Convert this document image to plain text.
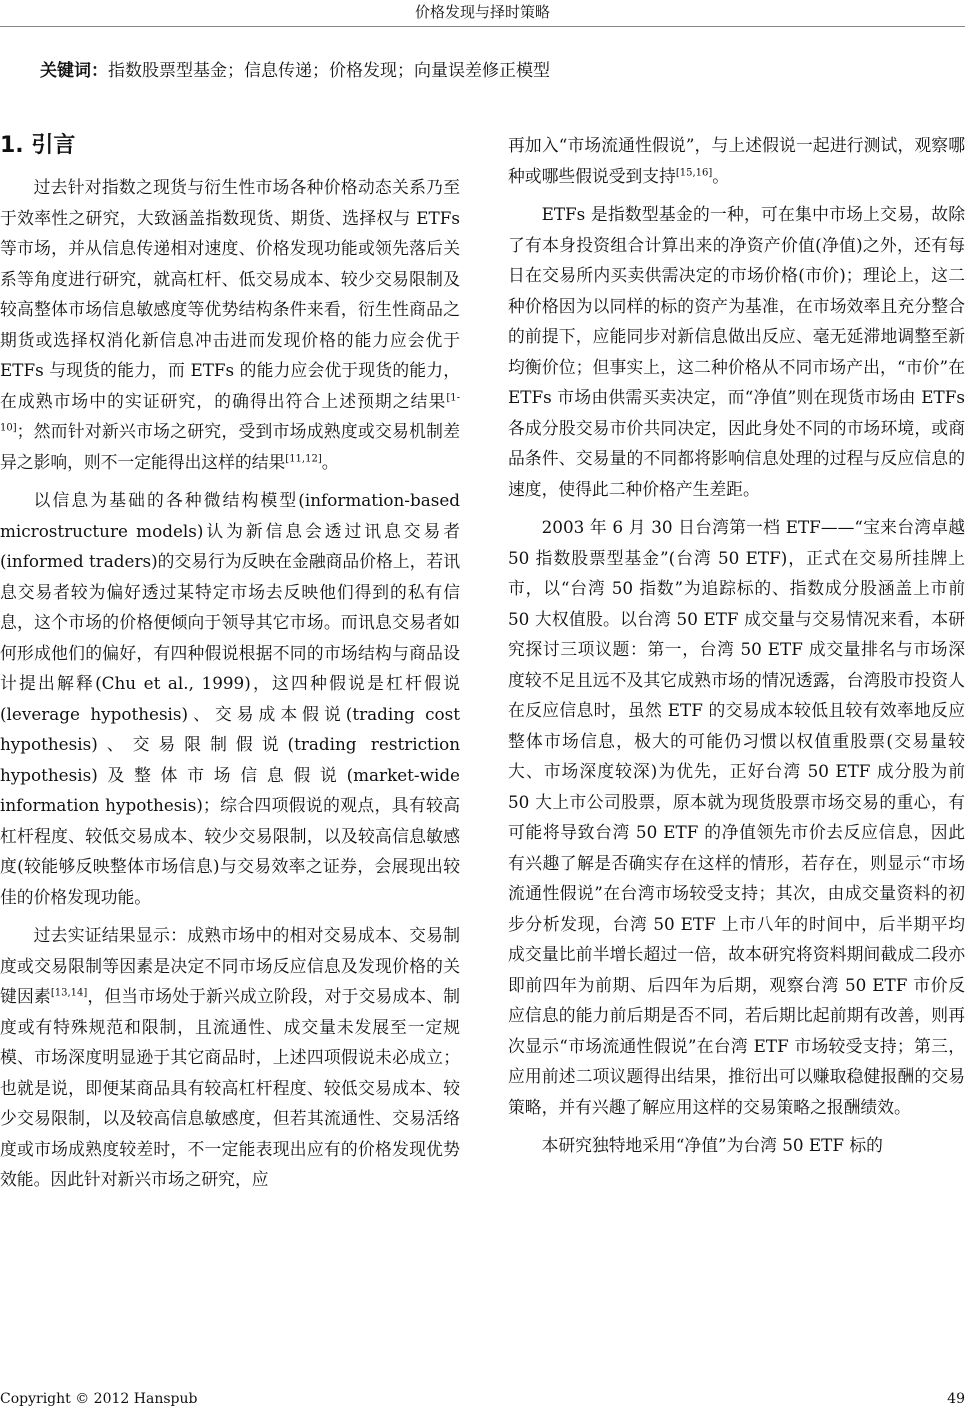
价格发现与择时策略
关键词：指数股票型基金；信息传递；价格发现；向量误差修正模型
1. 引言

过去针对指数之现货与衍生性市场各种价格动态关系乃至于效率性之研究，大致涵盖指数现货、期货、选择权与 ETFs 等市场，并从信息传递相对速度、价格发现功能或领先落后关系等角度进行研究，就高杠杆、低交易成本、较少交易限制及较高整体市场信息敏感度等优势结构条件来看，衍生性商品之期货或选择权消化新信息冲击进而发现价格的能力应会优于 ETFs 与现货的能力，而 ETFs 的能力应会优于现货的能力，在成熟市场中的实证研究，的确得出符合上述预期之结果[1-10]；然而针对新兴市场之研究，受到市场成熟度或交易机制差异之影响，则不一定能得出这样的结果[11,12]。

以信息为基础的各种微结构模型(information-based microstructure models)认为新信息会透过讯息交易者(informed traders)的交易行为反映在金融商品价格上，若讯息交易者较为偏好透过某特定市场去反映他们得到的私有信息，这个市场的价格便倾向于领导其它市场。而讯息交易者如何形成他们的偏好，有四种假说根据不同的市场结构与商品设计提出解释(Chu et al., 1999)，这四种假说是杠杆假说(leverage hypothesis)、交易成本假说(trading cost hypothesis)、交易限制假说(trading restriction hypothesis)及整体市场信息假说(market-wide information hypothesis)；综合四项假说的观点，具有较高杠杆程度、较低交易成本、较少交易限制，以及较高信息敏感度(较能够反映整体市场信息)与交易效率之证券，会展现出较佳的价格发现功能。

过去实证结果显示：成熟市场中的相对交易成本、交易制度或交易限制等因素是决定不同市场反应信息及发现价格的关键因素[13,14]，但当市场处于新兴成立阶段，对于交易成本、制度或有特殊规范和限制，且流通性、成交量未发展至一定规模、市场深度明显逊于其它商品时，上述四项假说未必成立；也就是说，即便某商品具有较高杠杆程度、较低交易成本、较少交易限制，以及较高信息敏感度，但若其流通性、交易活络度或市场成熟度较差时，不一定能表现出应有的价格发现优势效能。因此针对新兴市场之研究，应

再加入“市场流通性假说”，与上述假说一起进行测试，观察哪种或哪些假说受到支持[15,16]。

ETFs 是指数型基金的一种，可在集中市场上交易，故除了有本身投资组合计算出来的净资产价值(净值)之外，还有每日在交易所内买卖供需决定的市场价格(市价)；理论上，这二种价格因为以同样的标的资产为基准，在市场效率且充分整合的前提下，应能同步对新信息做出反应、毫无延滞地调整至新均衡价位；但事实上，这二种价格从不同市场产出，“市价”在 ETFs 市场由供需买卖决定，而“净值”则在现货市场由 ETFs 各成分股交易市价共同决定，因此身处不同的市场环境，或商品条件、交易量的不同都将影响信息处理的过程与反应信息的速度，使得此二种价格产生差距。

2003 年 6 月 30 日台湾第一档 ETF——“宝来台湾卓越 50 指数股票型基金”(台湾 50 ETF)，正式在交易所挂牌上市，以“台湾 50 指数”为追踪标的、指数成分股涵盖上市前 50 大权值股。以台湾 50 ETF 成交量与交易情况来看，本研究探讨三项议题：第一，台湾 50 ETF 成交量排名与市场深度较不足且远不及其它成熟市场的情况透露，台湾股市投资人在反应信息时，虽然 ETF 的交易成本较低且较有效率地反应整体市场信息，极大的可能仍习惯以权值重股票(交易量较大、市场深度较深)为优先，正好台湾 50 ETF 成分股为前 50 大上市公司股票，原本就为现货股票市场交易的重心，有可能将导致台湾 50 ETF 的净值领先市价去反应信息，因此有兴趣了解是否确实存在这样的情形，若存在，则显示“市场流通性假说”在台湾市场较受支持；其次，由成交量资料的初步分析发现，台湾 50 ETF 上市八年的时间中，后半期平均成交量比前半增长超过一倍，故本研究将资料期间截成二段亦即前四年为前期、后四年为后期，观察台湾 50 ETF 市价反应信息的能力前后期是否不同，若后期比起前期有改善，则再次显示“市场流通性假说”在台湾 ETF 市场较受支持；第三，应用前述二项议题得出结果，推衍出可以赚取稳健报酬的交易策略，并有兴趣了解应用这样的交易策略之报酬绩效。

本研究独特地采用“净值”为台湾 50 ETF 标的

Copyright © 2012 Hanspub	49
